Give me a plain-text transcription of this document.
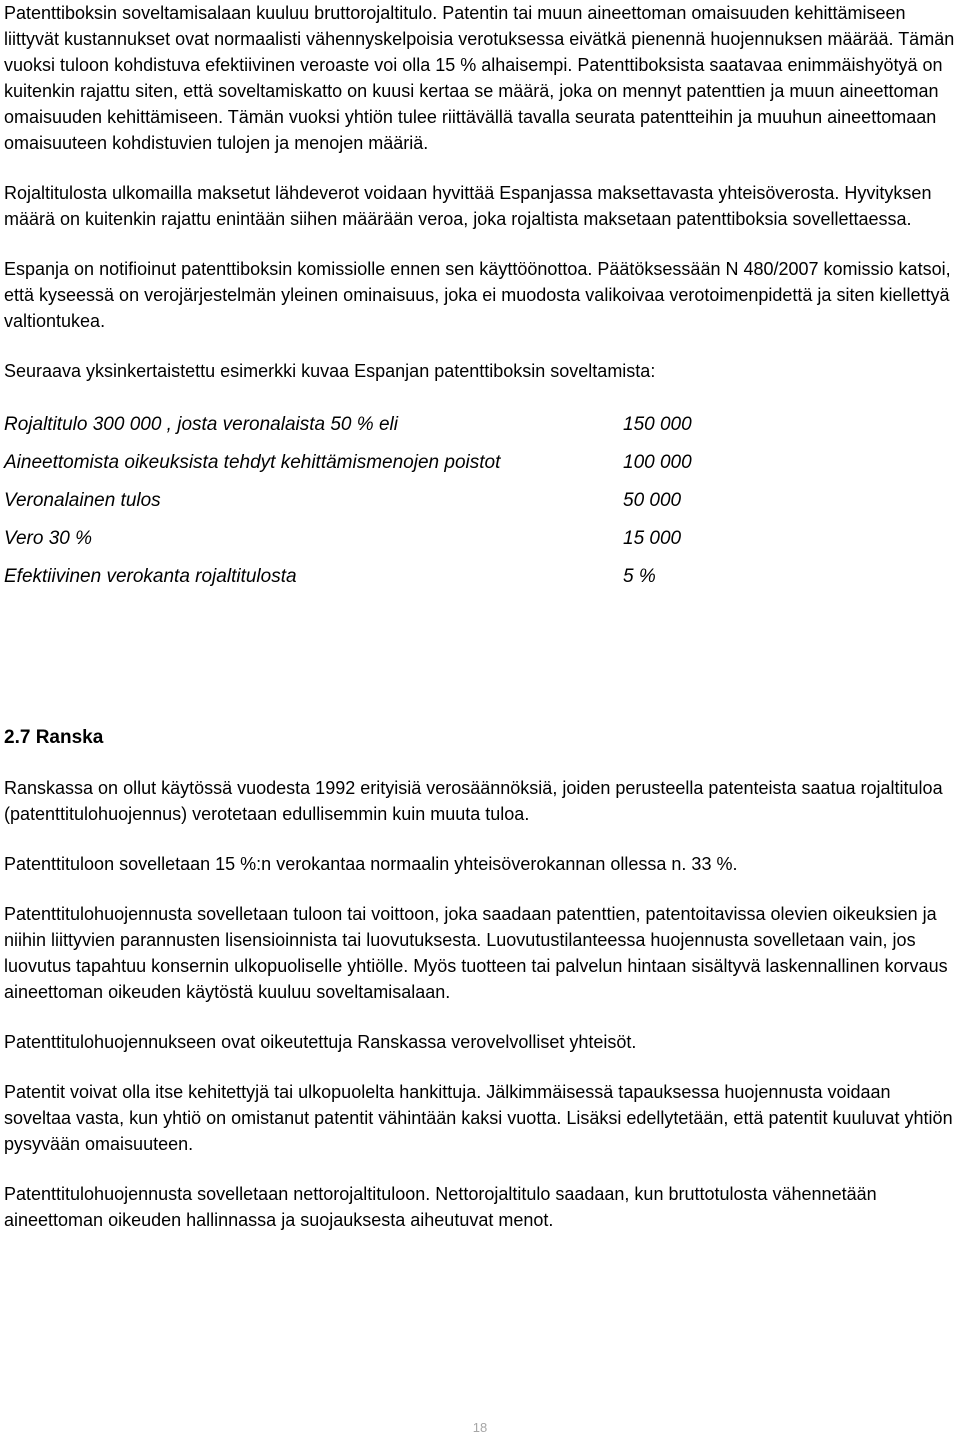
Patenttiboksin soveltamisalaan kuuluu bruttorojaltitulo. Patentin tai muun aineettoman omaisuuden kehittämiseen liittyvät kustannukset ovat normaalisti vähennyskelpoisia verotuksessa eivätkä pienennä huojennuksen määrää. Tämän vuoksi tuloon kohdistuva efektiivinen veroaste voi olla 15 % alhaisempi. Patenttiboksista saatavaa enimmäishyötyä on kuitenkin rajattu siten, että soveltamiskatto on kuusi kertaa se määrä, joka on mennyt patenttien ja muun aineettoman omaisuuden kehittämiseen. Tämän vuoksi yhtiön tulee riittävällä tavalla seurata patentteihin ja muuhun aineettomaan omaisuuteen kohdistuvien tulojen ja menojen määriä.

Rojaltitulosta ulkomailla maksetut lähdeverot voidaan hyvittää Espanjassa maksettavasta yhteisöverosta. Hyvityksen määrä on kuitenkin rajattu enintään siihen määrään veroa, joka rojaltista maksetaan patenttiboksia sovellettaessa.

Espanja on notifioinut patenttiboksin komissiolle ennen sen käyttöönottoa. Päätöksessään N 480/2007 komissio katsoi, että kyseessä on verojärjestelmän yleinen ominaisuus, joka ei muodosta valikoivaa verotoimenpidettä ja siten kiellettyä valtiontukea.

Seuraava yksinkertaistettu esimerkki kuvaa Espanjan patenttiboksin soveltamista:

Rojaltitulo 300 000 , josta veronalaista 50 % eli	150 000
Aineettomista oikeuksista tehdyt kehittämismenojen poistot	100 000
Veronalainen tulos	50 000
Vero 30 %	15 000
Efektiivinen verokanta rojaltitulosta	5 %
2.7 Ranska

Ranskassa on ollut käytössä vuodesta 1992 erityisiä verosäännöksiä, joiden perusteella patenteista saatua rojaltituloa (patenttitulohuojennus) verotetaan edullisemmin kuin muuta tuloa.

Patenttituloon sovelletaan 15 %:n verokantaa normaalin yhteisöverokannan ollessa n. 33 %.

Patenttitulohuojennusta sovelletaan tuloon tai voittoon, joka saadaan patenttien, patentoitavissa olevien oikeuksien ja niihin liittyvien parannusten lisensioinnista tai luovutuksesta. Luovutustilanteessa huojennusta sovelletaan vain, jos luovutus tapahtuu konsernin ulkopuoliselle yhtiölle. Myös tuotteen tai palvelun hintaan sisältyvä laskennallinen korvaus aineettoman oikeuden käytöstä kuuluu soveltamisalaan.

Patenttitulohuojennukseen ovat oikeutettuja Ranskassa verovelvolliset yhteisöt.

Patentit voivat olla itse kehitettyjä tai ulkopuolelta hankittuja. Jälkimmäisessä tapauksessa huojennusta voidaan soveltaa vasta, kun yhtiö on omistanut patentit vähintään kaksi vuotta. Lisäksi edellytetään, että patentit kuuluvat yhtiön pysyvään omaisuuteen.

Patenttitulohuojennusta sovelletaan nettorojaltituloon. Nettorojaltitulo saadaan, kun bruttotulosta vähennetään aineettoman oikeuden hallinnassa ja suojauksesta aiheutuvat menot.

18
